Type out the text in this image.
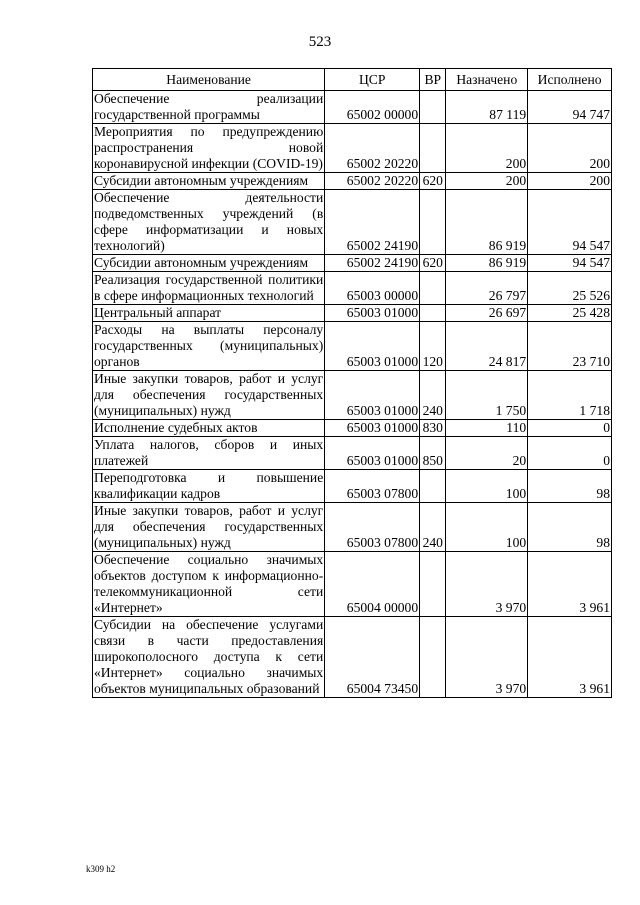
523
Наименование	ЦСР	ВР	Назначено	Исполнено
Обеспечение реализации государственной программы	65002 00000		87 119	94 747
Мероприятия по предупреждению распространения новой коронавирусной инфекции (COVID-19)	65002 20220		200	200
Субсидии автономным учреждениям	65002 20220	620	200	200
Обеспечение деятельности подведомственных учреждений (в сфере информатизации и новых технологий)	65002 24190		86 919	94 547
Субсидии автономным учреждениям	65002 24190	620	86 919	94 547
Реализация государственной политики в сфере информационных технологий	65003 00000		26 797	25 526
Центральный аппарат	65003 01000		26 697	25 428
Расходы на выплаты персоналу государственных (муниципальных) органов	65003 01000	120	24 817	23 710
Иные закупки товаров, работ и услуг для обеспечения государственных (муниципальных) нужд	65003 01000	240	1 750	1 718
Исполнение судебных актов	65003 01000	830	110	0
Уплата налогов, сборов и иных платежей	65003 01000	850	20	0
Переподготовка и повышение квалификации кадров	65003 07800		100	98
Иные закупки товаров, работ и услуг для обеспечения государственных (муниципальных) нужд	65003 07800	240	100	98
Обеспечение социально значимых объектов доступом к информационно-телекоммуникационной сети «Интернет»	65004 00000		3 970	3 961
Субсидии на обеспечение услугами связи в части предоставления широкополосного доступа к сети «Интернет» социально значимых объектов муниципальных образований	65004 73450		3 970	3 961
k309 h2
